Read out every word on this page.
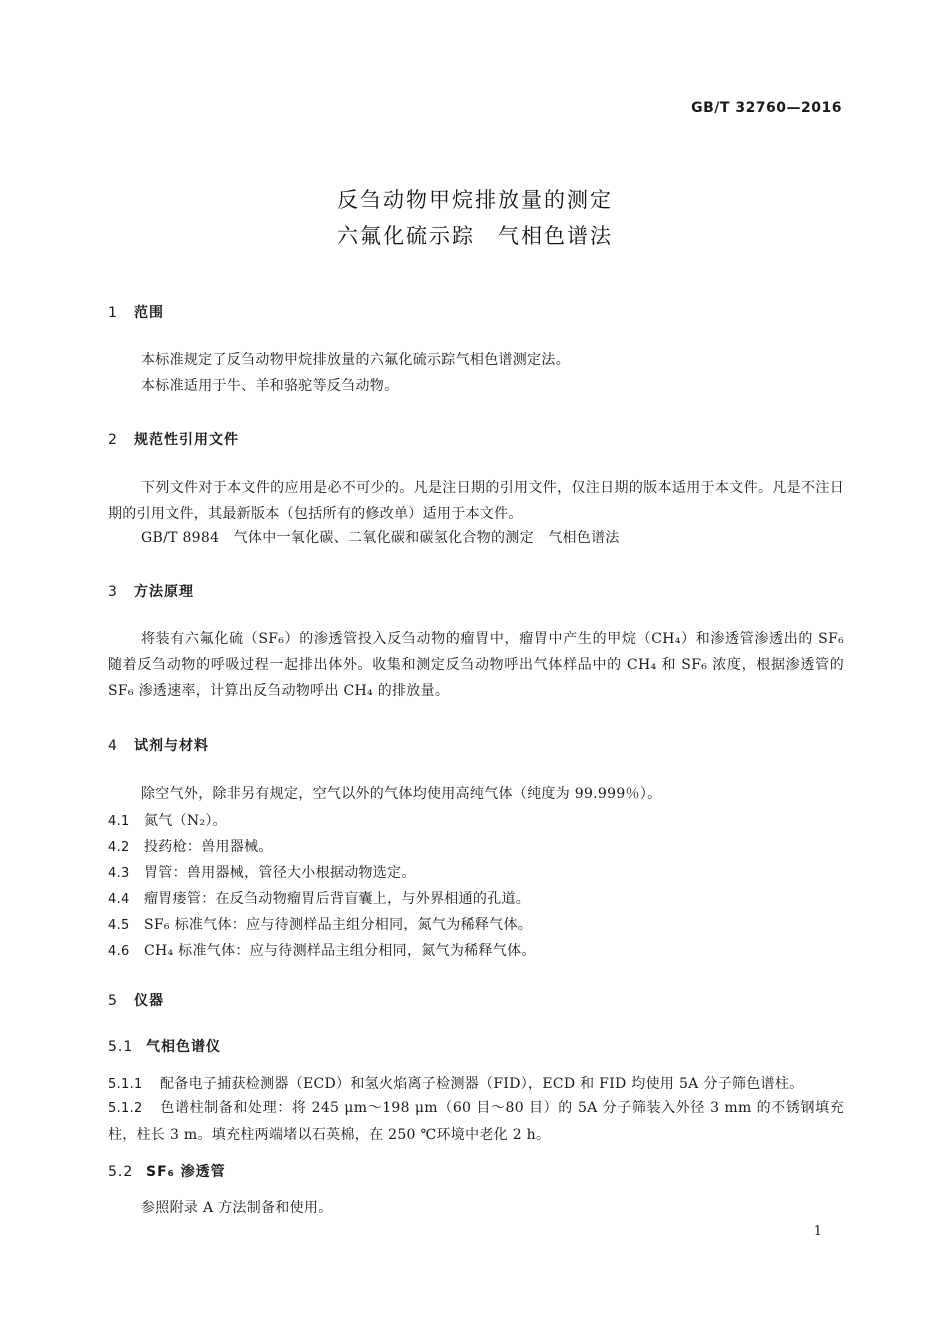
GB/T 32760—2016
反刍动物甲烷排放量的测定
六氟化硫示踪　气相色谱法
1 范围
本标准规定了反刍动物甲烷排放量的六氟化硫示踪气相色谱测定法。
本标准适用于牛、羊和骆驼等反刍动物。
2 规范性引用文件
下列文件对于本文件的应用是必不可少的。凡是注日期的引用文件，仅注日期的版本适用于本文件。凡是不注日期的引用文件，其最新版本（包括所有的修改单）适用于本文件。
GB/T 8984　气体中一氧化碳、二氧化碳和碳氢化合物的测定　气相色谱法
3 方法原理
将装有六氟化硫（SF₆）的渗透管投入反刍动物的瘤胃中，瘤胃中产生的甲烷（CH₄）和渗透管渗透出的 SF₆ 随着反刍动物的呼吸过程一起排出体外。收集和测定反刍动物呼出气体样品中的 CH₄ 和 SF₆ 浓度，根据渗透管的 SF₆ 渗透速率，计算出反刍动物呼出 CH₄ 的排放量。
4 试剂与材料
除空气外，除非另有规定，空气以外的气体均使用高纯气体（纯度为 99.999％）。
4.1 氮气（N₂）。
4.2 投药枪：兽用器械。
4.3 胃管：兽用器械，管径大小根据动物选定。
4.4 瘤胃瘘管：在反刍动物瘤胃后背盲囊上，与外界相通的孔道。
4.5 SF₆ 标准气体：应与待测样品主组分相同，氮气为稀释气体。
4.6 CH₄ 标准气体：应与待测样品主组分相同，氮气为稀释气体。
5 仪器
5.1 气相色谱仪
5.1.1 配备电子捕获检测器（ECD）和氢火焰离子检测器（FID），ECD 和 FID 均使用 5A 分子筛色谱柱。
5.1.2 色谱柱制备和处理：将 245 μm～198 μm（60 目～80 目）的 5A 分子筛装入外径 3 mm 的不锈钢填充柱，柱长 3 m。填充柱两端堵以石英棉，在 250 ℃环境中老化 2 h。
5.2 SF₆ 渗透管
参照附录 A 方法制备和使用。
1
